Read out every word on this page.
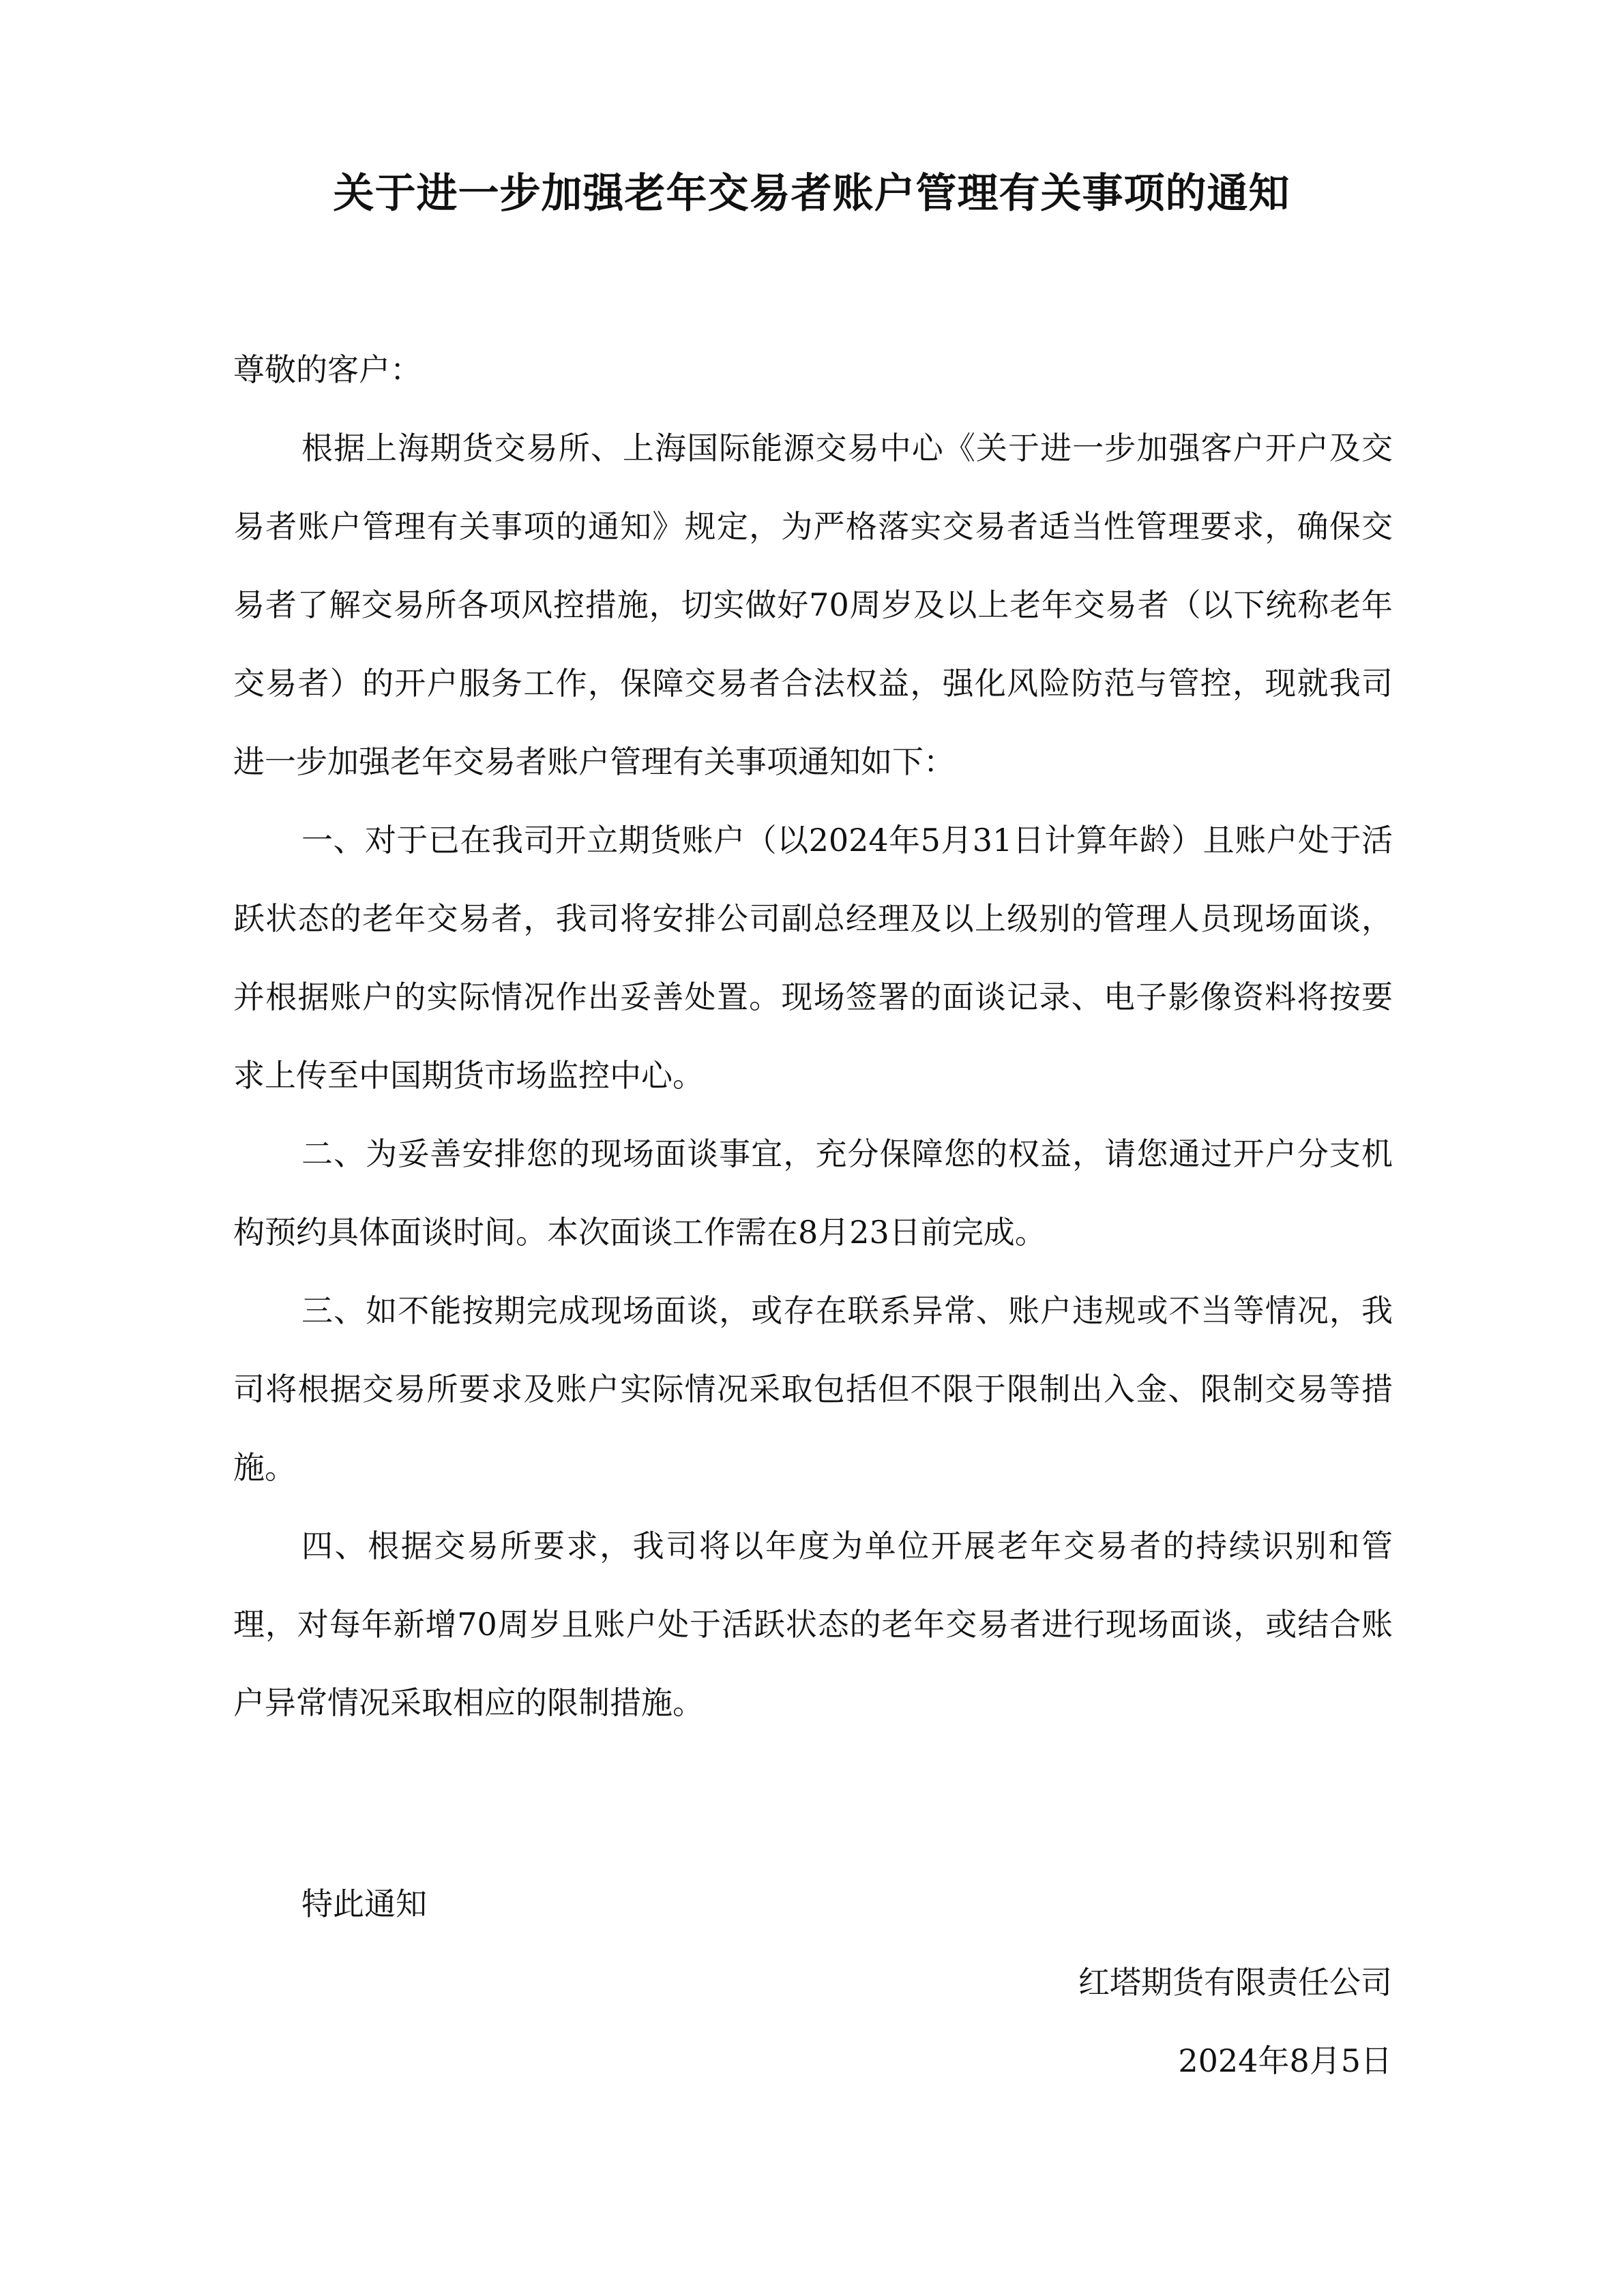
关于进一步加强老年交易者账户管理有关事项的通知
尊敬的客户：

根据上海期货交易所、上海国际能源交易中心《关于进一步加强客户开户及交易者账户管理有关事项的通知》规定，为严格落实交易者适当性管理要求，确保交易者了解交易所各项风控措施，切实做好70周岁及以上老年交易者（以下统称老年交易者）的开户服务工作，保障交易者合法权益，强化风险防范与管控，现就我司进一步加强老年交易者账户管理有关事项通知如下：

一、对于已在我司开立期货账户（以2024年5月31日计算年龄）且账户处于活跃状态的老年交易者，我司将安排公司副总经理及以上级别的管理人员现场面谈，并根据账户的实际情况作出妥善处置。现场签署的面谈记录、电子影像资料将按要求上传至中国期货市场监控中心。

二、为妥善安排您的现场面谈事宜，充分保障您的权益，请您通过开户分支机构预约具体面谈时间。本次面谈工作需在8月23日前完成。

三、如不能按期完成现场面谈，或存在联系异常、账户违规或不当等情况，我司将根据交易所要求及账户实际情况采取包括但不限于限制出入金、限制交易等措施。

四、根据交易所要求，我司将以年度为单位开展老年交易者的持续识别和管理，对每年新增70周岁且账户处于活跃状态的老年交易者进行现场面谈，或结合账户异常情况采取相应的限制措施。

特此通知
红塔期货有限责任公司
2024年8月5日
